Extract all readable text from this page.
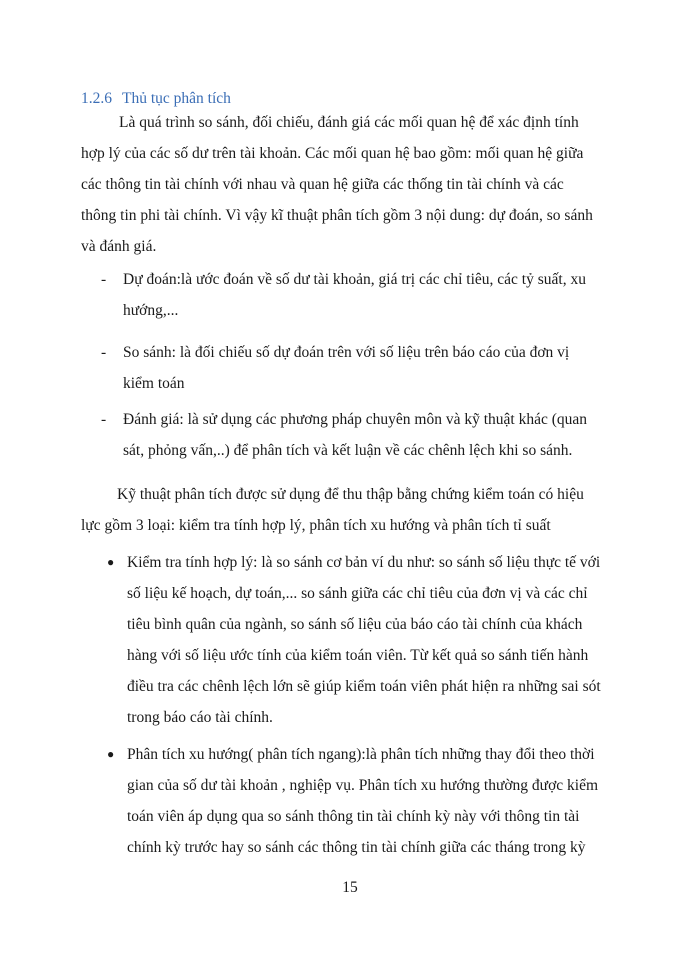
1.2.6 Thủ tục phân tích
Là quá trình so sánh, đối chiếu, đánh giá các mối quan hệ để xác định tính
hợp lý của các số dư trên tài khoản. Các mối quan hệ bao gồm: mối quan hệ giữa
các thông tin tài chính với nhau và quan hệ giữa các thống tin tài chính và các
thông tin phi tài chính. Vì vậy kĩ thuật phân tích gồm 3 nội dung: dự đoán, so sánh
và đánh giá.
- Dự đoán:là ước đoán về số dư tài khoản, giá trị các chỉ tiêu, các tỷ suất, xu
hướng,...
- So sánh: là đối chiếu số dự đoán trên với số liệu trên báo cáo của đơn vị
kiểm toán
- Đánh giá: là sử dụng các phương pháp chuyên môn và kỹ thuật khác (quan
sát, phỏng vấn,..) để phân tích và kết luận về các chênh lệch khi so sánh.
Kỹ thuật phân tích được sử dụng để thu thập bằng chứng kiểm toán có hiệu
lực gồm 3 loại: kiểm tra tính hợp lý, phân tích xu hướng và phân tích tỉ suất
● Kiểm tra tính hợp lý: là so sánh cơ bản ví du như: so sánh số liệu thực tế với
số liệu kế hoạch, dự toán,... so sánh giữa các chỉ tiêu của đơn vị và các chỉ
tiêu bình quân của ngành, so sánh số liệu của báo cáo tài chính của khách
hàng với số liệu ước tính của kiểm toán viên. Từ kết quả so sánh tiến hành
điều tra các chênh lệch lớn sẽ giúp kiểm toán viên phát hiện ra những sai sót
trong báo cáo tài chính.
● Phân tích xu hướng( phân tích ngang):là phân tích những thay đổi theo thời
gian của số dư tài khoản , nghiệp vụ. Phân tích xu hướng thường được kiểm
toán viên áp dụng qua so sánh thông tin tài chính kỳ này với thông tin tài
chính kỳ trước hay so sánh các thông tin tài chính giữa các tháng trong kỳ
15
